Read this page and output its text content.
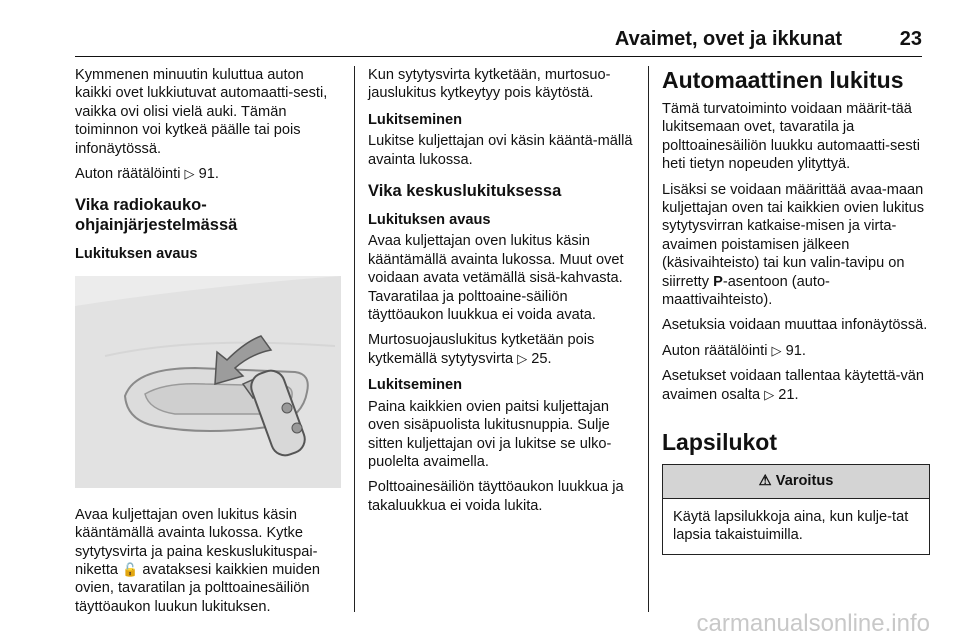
Avaimet, ovet ja ikkunat	23

Kymmenen minuutin kuluttua auton kaikki ovet lukkiutuvat automaatti-sesti, vaikka ovi olisi vielä auki. Tämän toiminnon voi kytkeä päälle tai pois infonäytössä.

Auton räätälöinti ▷ 91.

Vika radiokauko-ohjainjärjestelmässä
Lukituksen avaus

Avaa kuljettajan oven lukitus käsin kääntämällä avainta lukossa. Kytke sytytysvirta ja paina keskuslukituspai-niketta 🔓 avataksesi kaikkien muiden ovien, tavaratilan ja polttoainesäiliön täyttöaukon luukun lukituksen.

Kun sytytysvirta kytketään, murtosuo-jauslukitus kytkeytyy pois käytöstä.

Lukitseminen

Lukitse kuljettajan ovi käsin kääntä-mällä avainta lukossa.

Vika keskuslukituksessa
Lukituksen avaus

Avaa kuljettajan oven lukitus käsin kääntämällä avainta lukossa. Muut ovet voidaan avata vetämällä sisä-kahvasta. Tavaratilaa ja polttoaine-säiliön täyttöaukon luukkua ei voida avata.

Murtosuojauslukitus kytketään pois kytkemällä sytytysvirta ▷ 25.

Lukitseminen

Paina kaikkien ovien paitsi kuljettajan oven sisäpuolista lukitusnuppia. Sulje sitten kuljettajan ovi ja lukitse se ulko-puolelta avaimella.

Polttoainesäiliön täyttöaukon luukkua ja takaluukkua ei voida lukita.

Automaattinen lukitus

Tämä turvatoiminto voidaan määrit-tää lukitsemaan ovet, tavaratila ja polttoainesäiliön luukku automaatti-sesti heti tietyn nopeuden ylityttyä.

Lisäksi se voidaan määrittää avaa-maan kuljettajan oven tai kaikkien ovien lukitus sytytysvirran katkaise-misen ja virta-avaimen poistamisen jälkeen (käsivaihteisto) tai kun valin-tavipu on siirretty P-asentoon (auto-maattivaihteisto).

Asetuksia voidaan muuttaa infonäytössä.

Auton räätälöinti ▷ 91.

Asetukset voidaan tallentaa käytettä-vän avaimen osalta ▷ 21.

Lapsilukot
⚠ Varoitus
Käytä lapsilukkoja aina, kun kulje-tat lapsia takaistuimilla.
carmanualsonline.info
